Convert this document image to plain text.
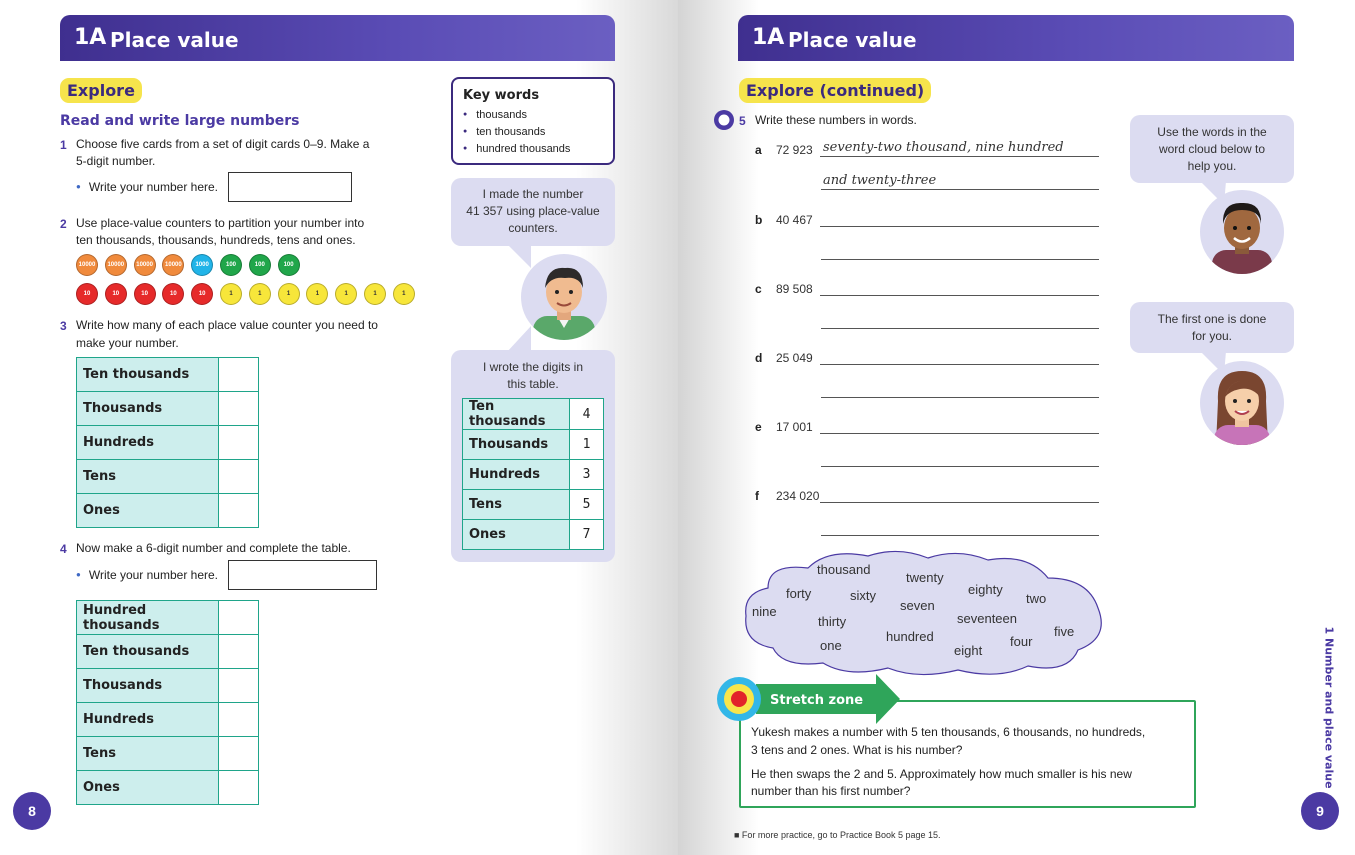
1A Place value
Explore
Read and write large numbers
1 Choose five cards from a set of digit cards 0–9. Make a
5-digit number.
● Write your number here.
2 Use place-value counters to partition your number into
ten thousands, thousands, hundreds, tens and ones.
10000	10000	10000	10000	1000	100	100	100
10	10	10	10	10	1	1	1	1	1	1	1
3 Write how many of each place value counter you need to
make your number.
Ten thousands	
Thousands	
Hundreds	
Tens	
Ones	
4 Now make a 6-digit number and complete the table.
● Write your number here.
Hundred thousands	
Ten thousands	
Thousands	
Hundreds	
Tens	
Ones	
Key words
● thousands
● ten thousands
● hundred thousands
I made the number
41 357 using place-value
counters.
I wrote the digits in
this table.
Ten thousands	4
Thousands	1
Hundreds	3
Tens	5
Ones	7
8
1A Place value
Explore (continued)
5 Write these numbers in words.
a 72 923 seventy-two thousand, nine hundred
and twenty-three
b 40 467
c 89 508
d 25 049
e 17 001
f 234 020
Use the words in the
word cloud below to
help you.
The first one is done
for you.
thousand
twenty
forty	sixty	eighty
two
nine	seven
thirty	seventeen
five
hundred
one	four
eight
Stretch zone
Yukesh makes a number with 5 ten thousands, 6 thousands, no hundreds,
3 tens and 2 ones. What is his number?
He then swaps the 2 and 5. Approximately how much smaller is his new
number than his first number?
■ For more practice, go to Practice Book 5 page 15.
1 Number and place value
9
